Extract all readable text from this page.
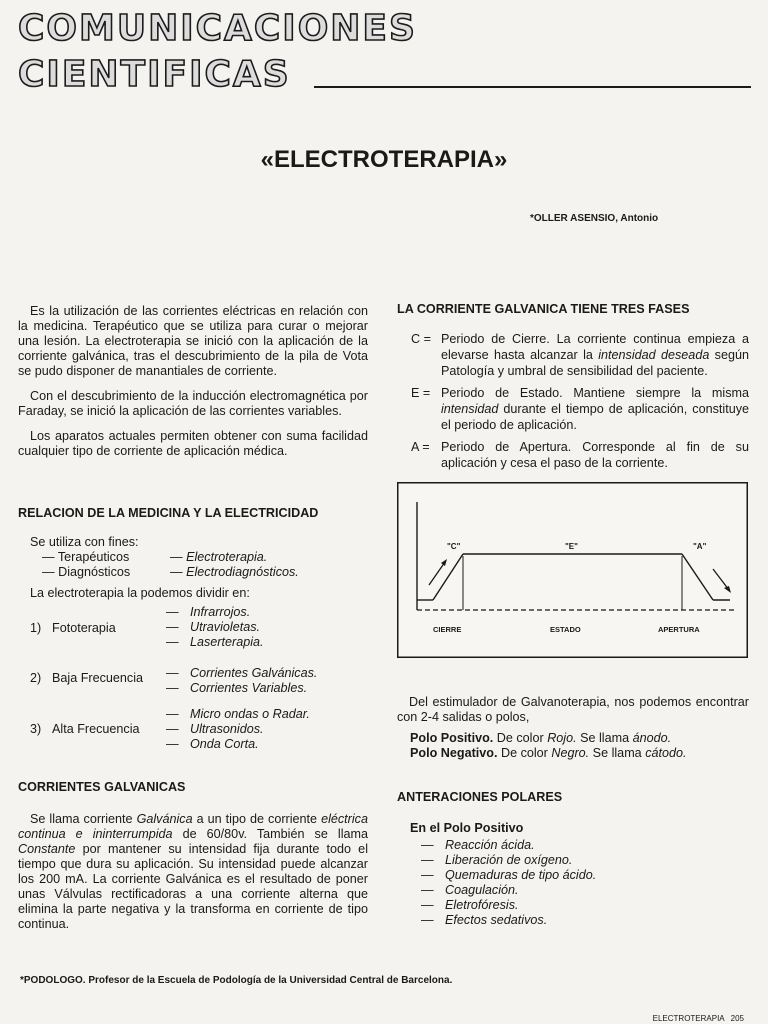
COMUNICACIONES
CIENTIFICAS
«ELECTROTERAPIA»
*OLLER ASENSIO, Antonio

Es la utilización de las corrientes eléctricas en relación con la medicina. Terapéutico que se utiliza para curar o mejorar una lesión. La electroterapia se inició con la aplicación de la corriente galvánica, tras el descubrimiento de la pila de Vota se pudo disponer de manantiales de corriente.

Con el descubrimiento de la inducción electromagnética por Faraday, se inició la aplicación de las corrientes variables.

Los aparatos actuales permiten obtener con suma facilidad cualquier tipo de corriente de aplicación médica.

RELACION DE LA MEDICINA Y LA ELECTRICIDAD
Se utiliza con fines:
— Terapéuticos	— Electroterapia.
— Diagnósticos	— Electrodiagnósticos.
La electroterapia la podemos dividir en:
1) Fototerapia
— Infrarrojos.
— Utravioletas.
— Laserterapia.
2) Baja Frecuencia
—	Corrientes Galvánicas.
— Corrientes Variables.
3) Alta Frecuencia
— Micro ondas o Radar.
— Ultrasonidos.
— Onda Corta.
CORRIENTES GALVANICAS

Se llama corriente Galvánica a un tipo de corriente eléctrica continua e ininterrumpida de 60/80v. También se llama Constante por mantener su intensidad fija durante todo el tiempo que dura su aplicación. Su intensidad puede alcanzar los 200 mA. La corriente Galvánica es el resultado de poner unas Válvulas rectificadoras a una corriente alterna que elimina la parte negativa y la transforma en corriente de tipo continua.

LA CORRIENTE GALVANICA TIENE TRES FASES

C = Periodo de Cierre. La corriente continua empieza a elevarse hasta alcanzar la intensidad deseada según Patología y umbral de sensibilidad del paciente.

E = Periodo de Estado. Mantiene siempre la misma intensidad durante el tiempo de aplicación, constituye el periodo de aplicación.

A = Periodo de Apertura. Corresponde al fin de su aplicación y cesa el paso de la corriente.

"C"	"E"	"A"
CIERRE	ESTADO	APERTURA

Del estimulador de Galvanoterapia, nos podemos encontrar con 2-4 salidas o polos,

Polo Positivo. De color Rojo. Se llama ánodo.

Polo Negativo. De color Negro. Se llama cátodo.

ANTERACIONES POLARES
En el Polo Positivo
— Reacción ácida.
— Liberación de oxígeno.
— Quemaduras de tipo ácido.
— Coagulación.
— Eletrofóresis.
— Efectos sedativos.
*PODOLOGO. Profesor de la Escuela de Podología de la Universidad Central de Barcelona.
ELECTROTERAPIA 205
